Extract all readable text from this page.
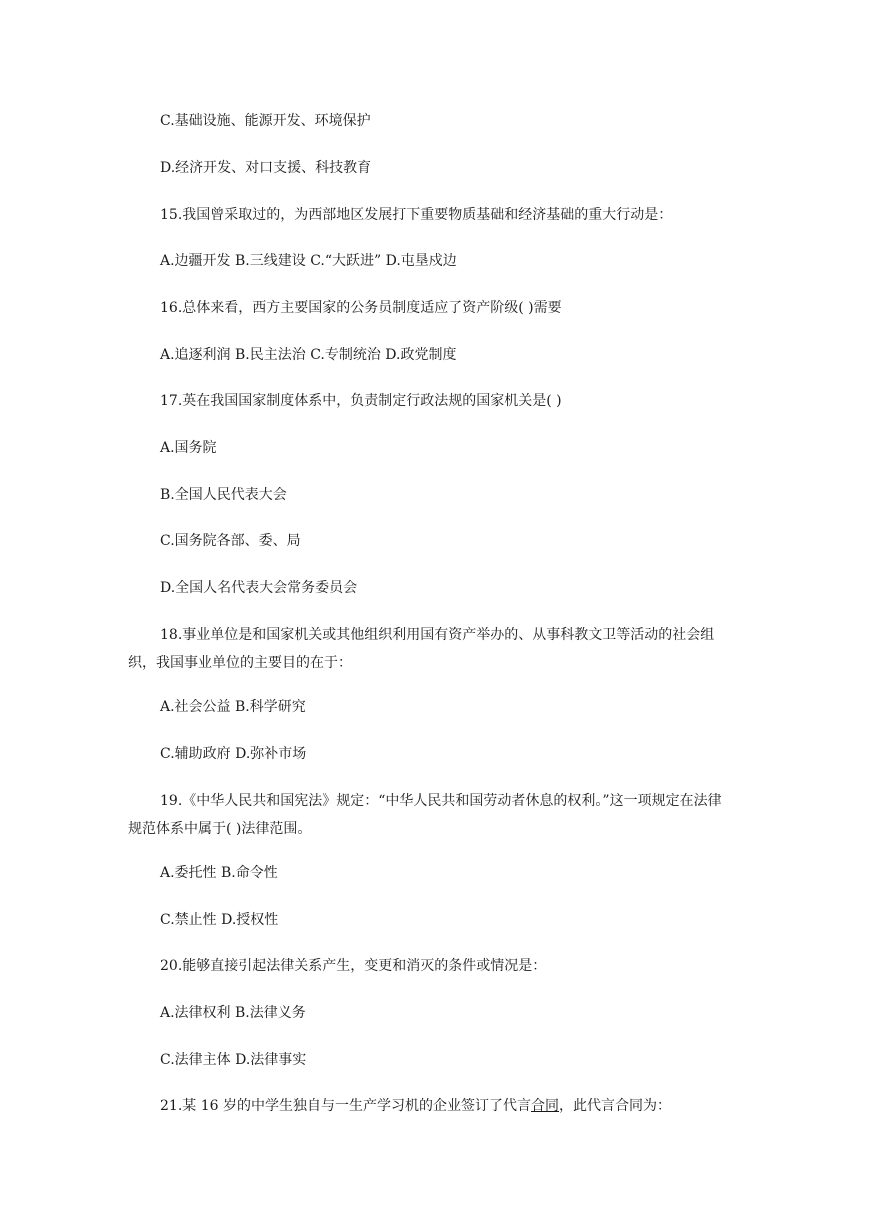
C.基础设施、能源开发、环境保护
D.经济开发、对口支援、科技教育
15.我国曾采取过的，为西部地区发展打下重要物质基础和经济基础的重大行动是：
A.边疆开发 B.三线建设 C.“大跃进” D.屯垦戍边
16.总体来看，西方主要国家的公务员制度适应了资产阶级( )需要
A.追逐利润 B.民主法治 C.专制统治 D.政党制度
17.英在我国国家制度体系中，负责制定行政法规的国家机关是( )
A.国务院
B.全国人民代表大会
C.国务院各部、委、局
D.全国人名代表大会常务委员会
18.事业单位是和国家机关或其他组织利用国有资产举办的、从事科教文卫等活动的社会组织，我国事业单位的主要目的在于：
A.社会公益 B.科学研究
C.辅助政府 D.弥补市场
19.《中华人民共和国宪法》规定：“中华人民共和国劳动者休息的权利。”这一项规定在法律规范体系中属于( )法律范围。
A.委托性 B.命令性
C.禁止性 D.授权性
20.能够直接引起法律关系产生，变更和消灭的条件或情况是：
A.法律权利 B.法律义务
C.法律主体 D.法律事实
21.某 16 岁的中学生独自与一生产学习机的企业签订了代言合同，此代言合同为：
